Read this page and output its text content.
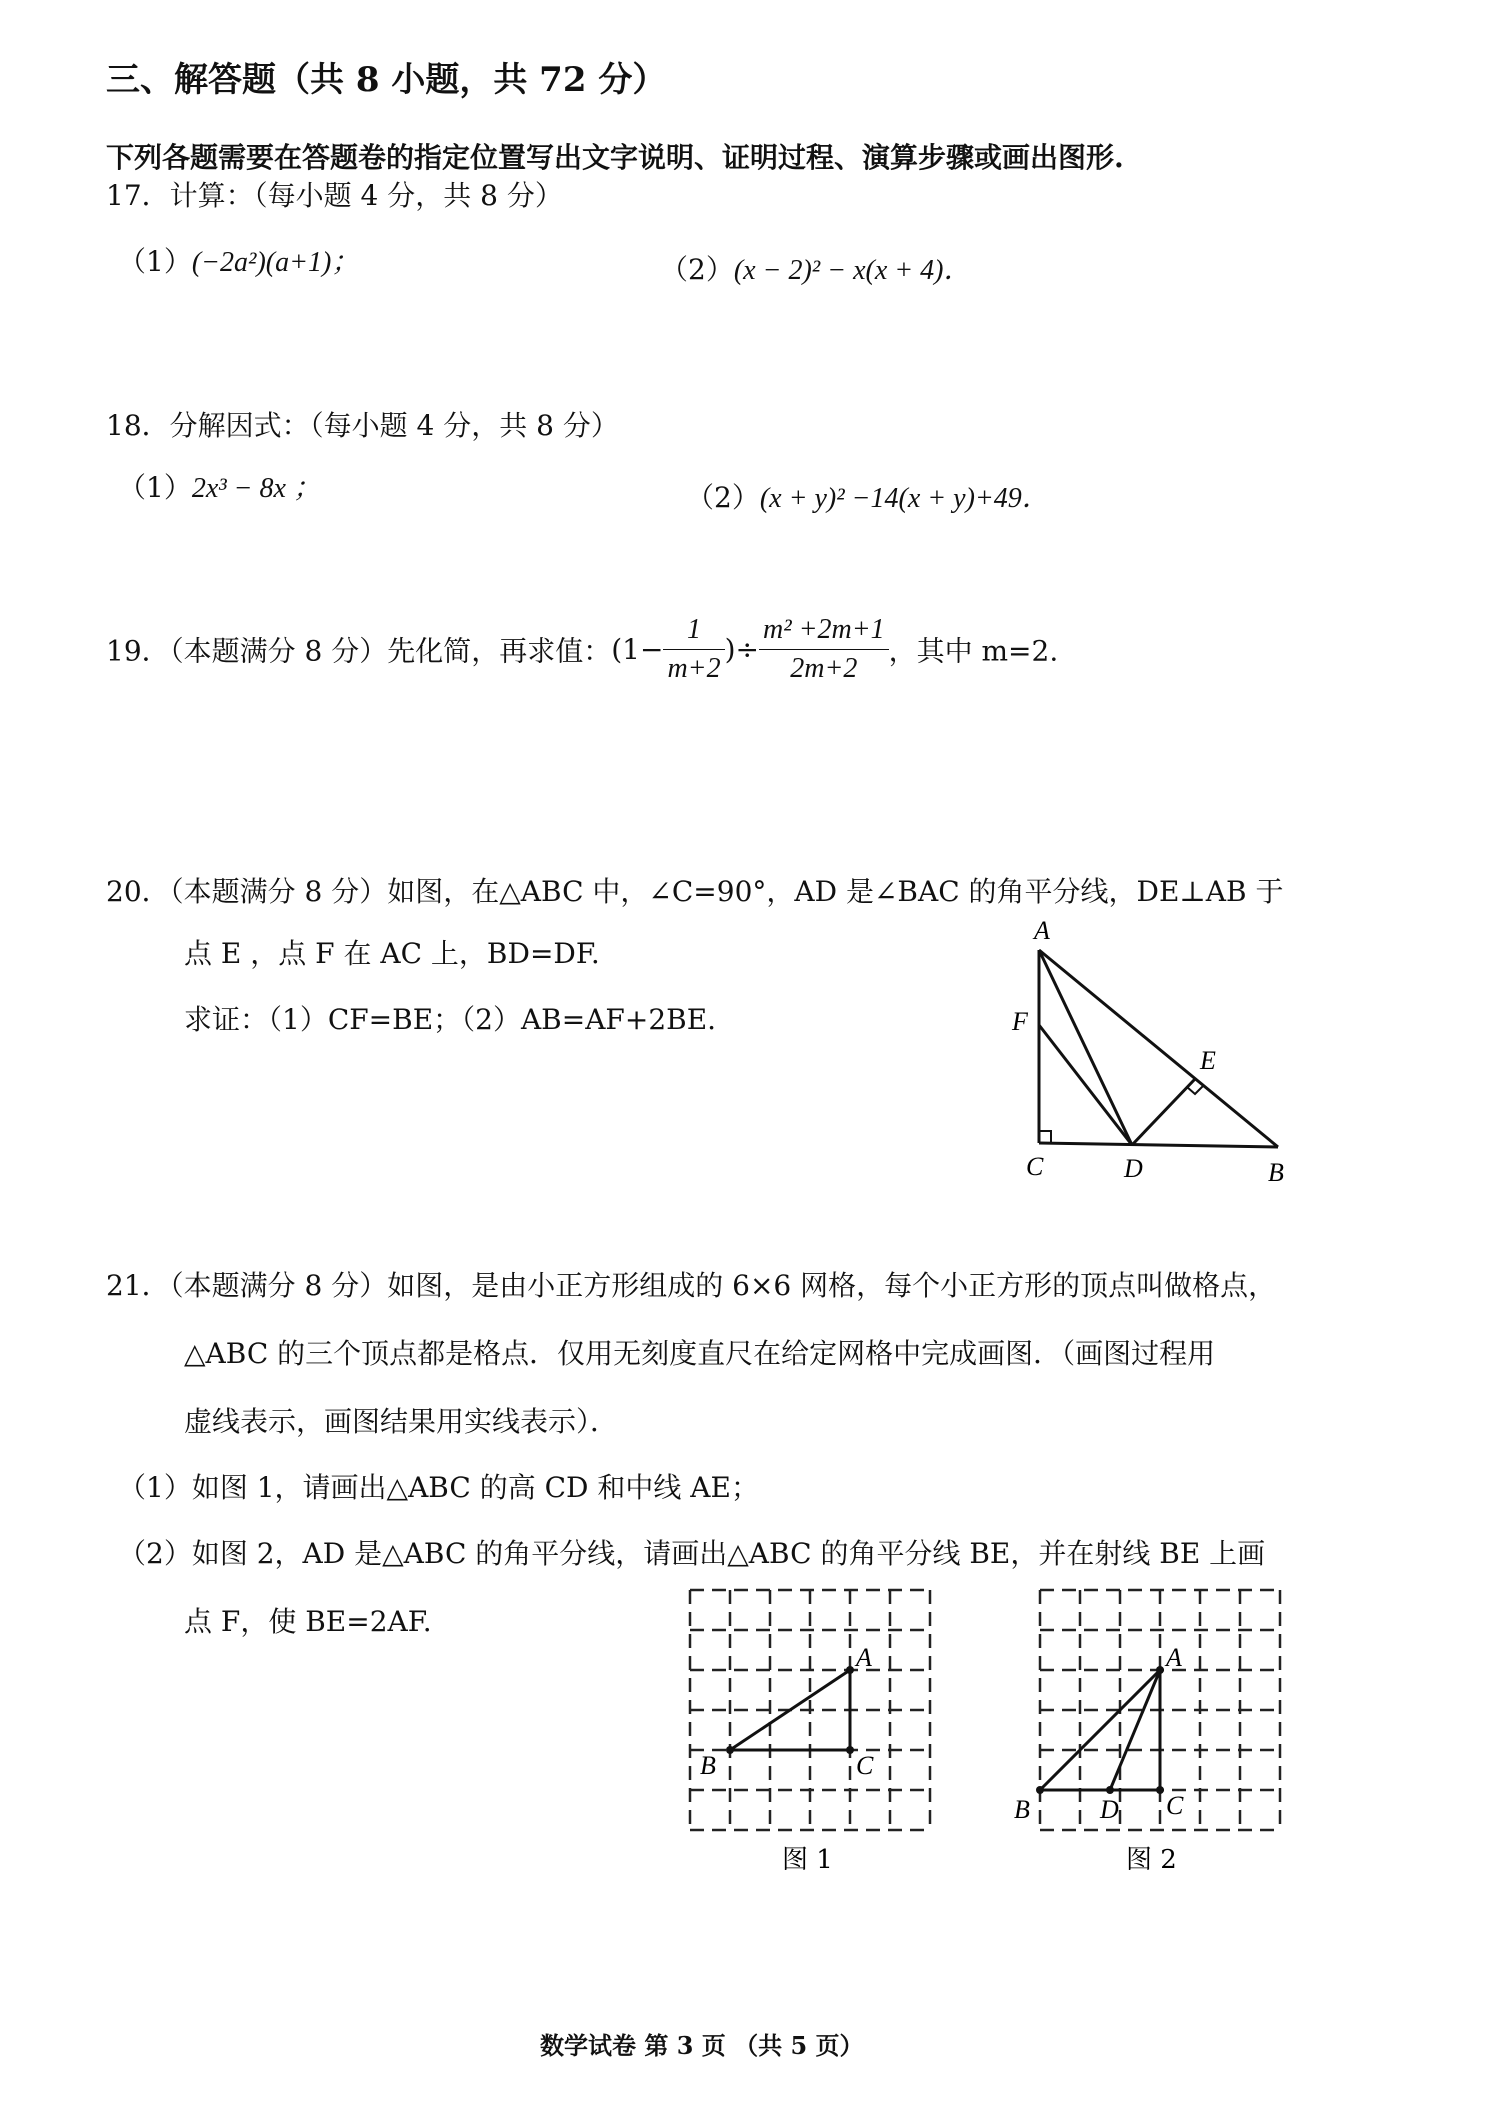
三、解答题（共 8 小题，共 72 分）
下列各题需要在答题卷的指定位置写出文字说明、证明过程、演算步骤或画出图形.
17．计算：（每小题 4 分，共 8 分）
（1）(−2a²)(a+1)；	（2）(x − 2)² − x(x + 4)．
18．分解因式：（每小题 4 分，共 8 分）
（1）2x³ − 8x ；	（2）(x + y)² −14(x + y)+49．
19．（本题满分 8 分）先化简，再求值：($1- \frac{1}{m+2}$ )÷ $\frac{\text{m² +2m+1}}{2m+2}$ ，其中 m=2.
20．（本题满分 8 分）如图，在△ABC 中，∠C=90°，AD 是∠BAC 的角平分线，DE⊥AB 于
点 E ，点 F 在 AC 上，BD=DF.
求证：（1）CF=BE；（2）AB=AF+2BE.
A
F
E
C	D	B
21．（本题满分 8 分）如图，是由小正方形组成的 6×6 网格，每个小正方形的顶点叫做格点，
△ABC 的三个顶点都是格点．仅用无刻度直尺在给定网格中完成画图．（画图过程用
虚线表示，画图结果用实线表示）．
（1）如图 1，请画出△ABC 的高 CD 和中线 AE；
（2）如图 2，AD 是△ABC 的角平分线，请画出△ABC 的角平分线 BE，并在射线 BE 上画
点 F，使 BE=2AF.
A
B	C
图 1
A
B	D C
图 2
数学试卷 第 3 页 （共 5 页）
